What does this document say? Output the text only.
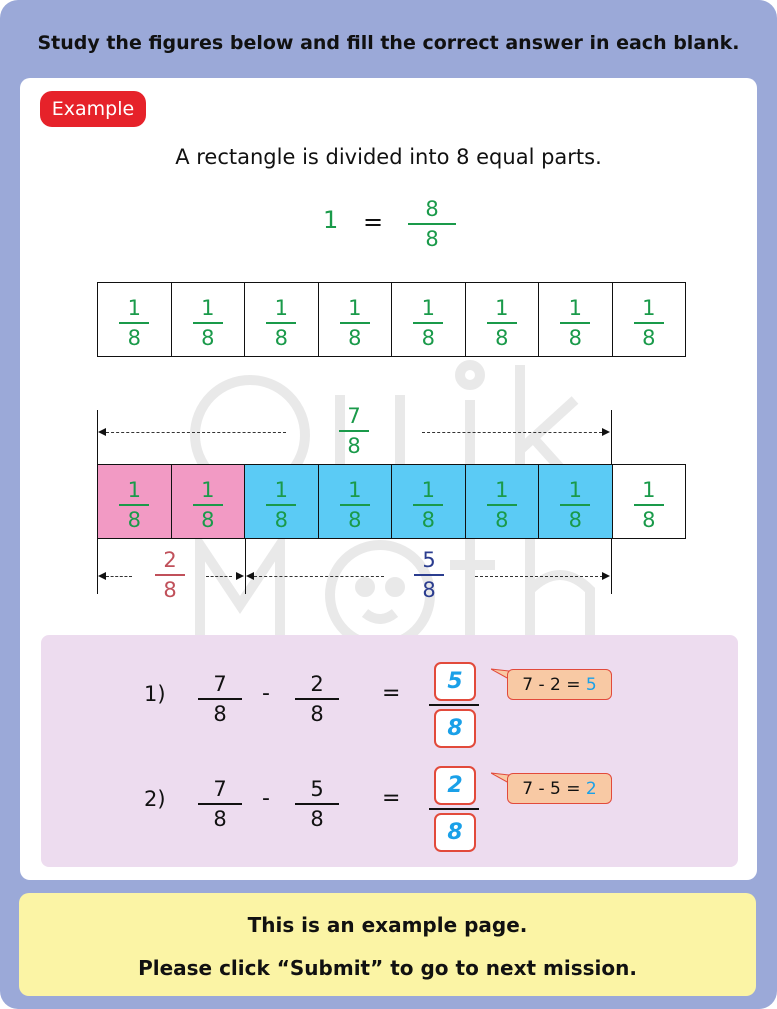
Study the figures below and fill the correct answer in each blank.
Example
A rectangle is divided into 8 equal parts.
1 =	8
8
1
8
1
8
1
8
1
8
1
8
1
8
1
8
1
8
7
8
1
8
1
8
1
8
1
8
1
8
1
8
1
8
1
8
2
8
5
8
1)	7
8
-	2
8
=	5
8
7 - 2 = 5
2)	7
8
-	5
8
=
2
8
7 - 5 = 2
This is an example page.
Please click “Submit” to go to next mission.
